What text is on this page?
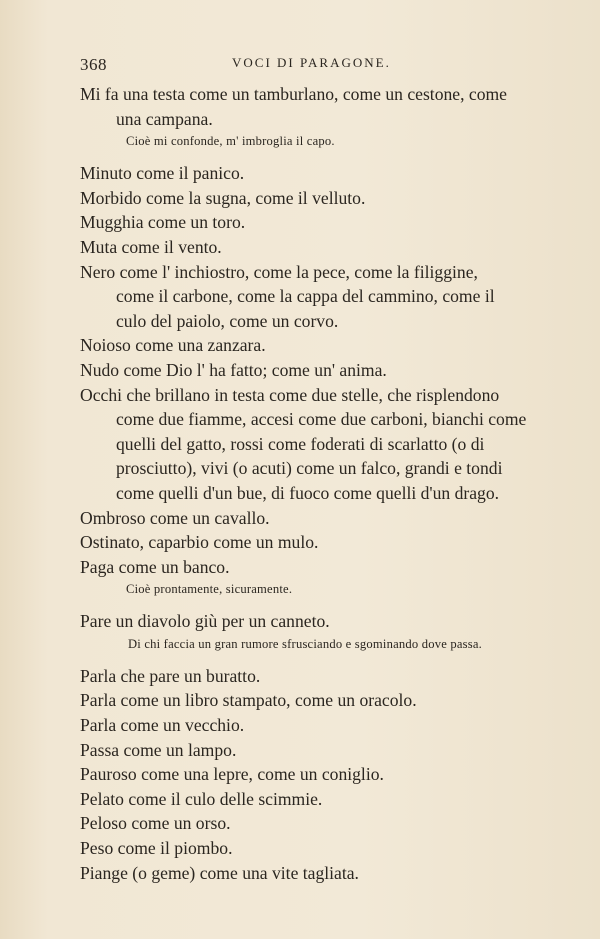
368	VOCI DI PARAGONE.
Mi fa una testa come un tamburlano, come un cestone, come
una campana.
Cioè mi confonde, m' imbroglia il capo.
Minuto come il panico.
Morbido come la sugna, come il velluto.
Mugghia come un toro.
Muta come il vento.
Nero come l' inchiostro, come la pece, come la filiggine,
come il carbone, come la cappa del cammino, come il
culo del paiolo, come un corvo.
Noioso come una zanzara.
Nudo come Dio l' ha fatto; come un' anima.
Occhi che brillano in testa come due stelle, che risplendono
come due fiamme, accesi come due carboni, bianchi come
quelli del gatto, rossi come foderati di scarlatto (o di
prosciutto), vivi (o acuti) come un falco, grandi e tondi
come quelli d'un bue, di fuoco come quelli d'un drago.
Ombroso come un cavallo.
Ostinato, caparbio come un mulo.
Paga come un banco.
Cioè prontamente, sicuramente.
Pare un diavolo giù per un canneto.
Di chi faccia un gran rumore sfrusciando e sgominando dove passa.
Parla che pare un buratto.
Parla come un libro stampato, come un oracolo.
Parla come un vecchio.
Passa come un lampo.
Pauroso come una lepre, come un coniglio.
Pelato come il culo delle scimmie.
Peloso come un orso.
Peso come il piombo.
Piange (o geme) come una vite tagliata.
